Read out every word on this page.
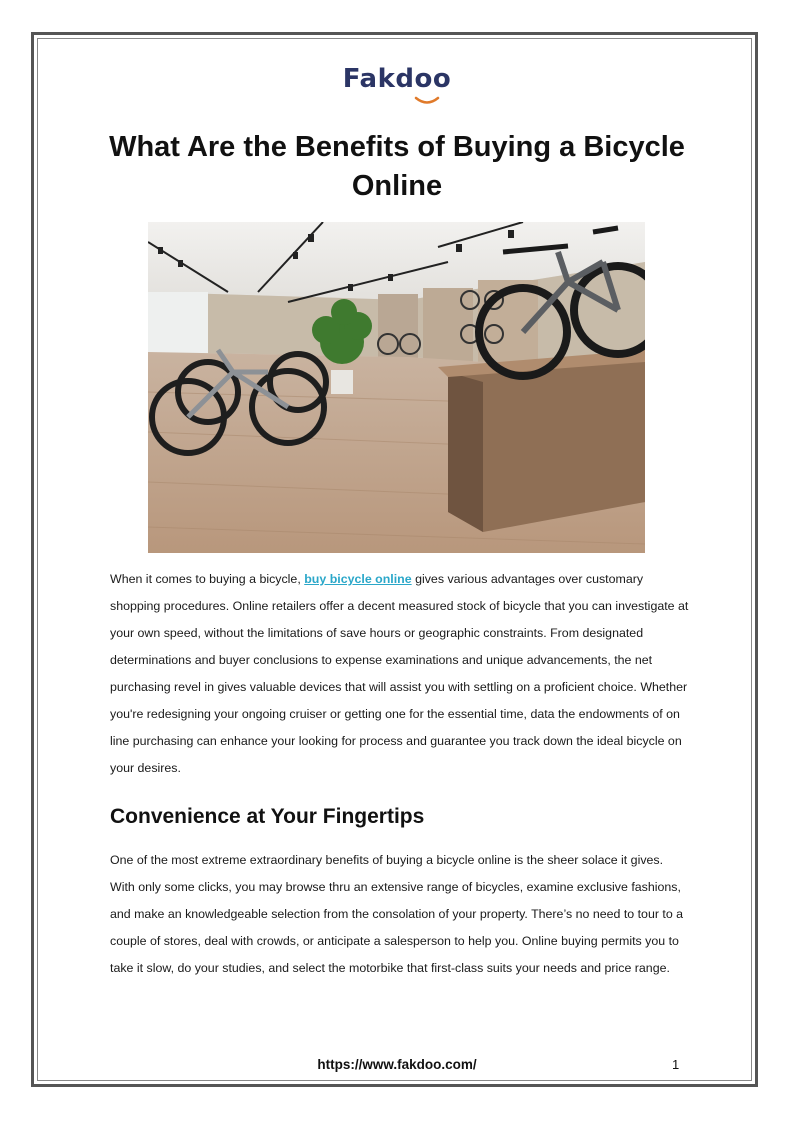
Fakdoo
What Are the Benefits of Buying a Bicycle Online

When it comes to buying a bicycle, buy bicycle online gives various advantages over customary shopping procedures. Online retailers offer a decent measured stock of bicycle that you can investigate at your own speed, without the limitations of save hours or geographic constraints. From designated determinations and buyer conclusions to expense examinations and unique advancements, the net purchasing revel in gives valuable devices that will assist you with settling on a proficient choice. Whether you're redesigning your ongoing cruiser or getting one for the essential time, data the endowments of on line purchasing can enhance your looking for process and guarantee you track down the ideal bicycle on your desires.

Convenience at Your Fingertips

One of the most extreme extraordinary benefits of buying a bicycle online is the sheer solace it gives. With only some clicks, you may browse thru an extensive range of bicycles, examine exclusive fashions, and make an knowledgeable selection from the consolation of your property. There’s no need to tour to a couple of stores, deal with crowds, or anticipate a salesperson to help you. Online buying permits you to take it slow, do your studies, and select the motorbike that first-class suits your needs and price range.

https://www.fakdoo.com/	1
